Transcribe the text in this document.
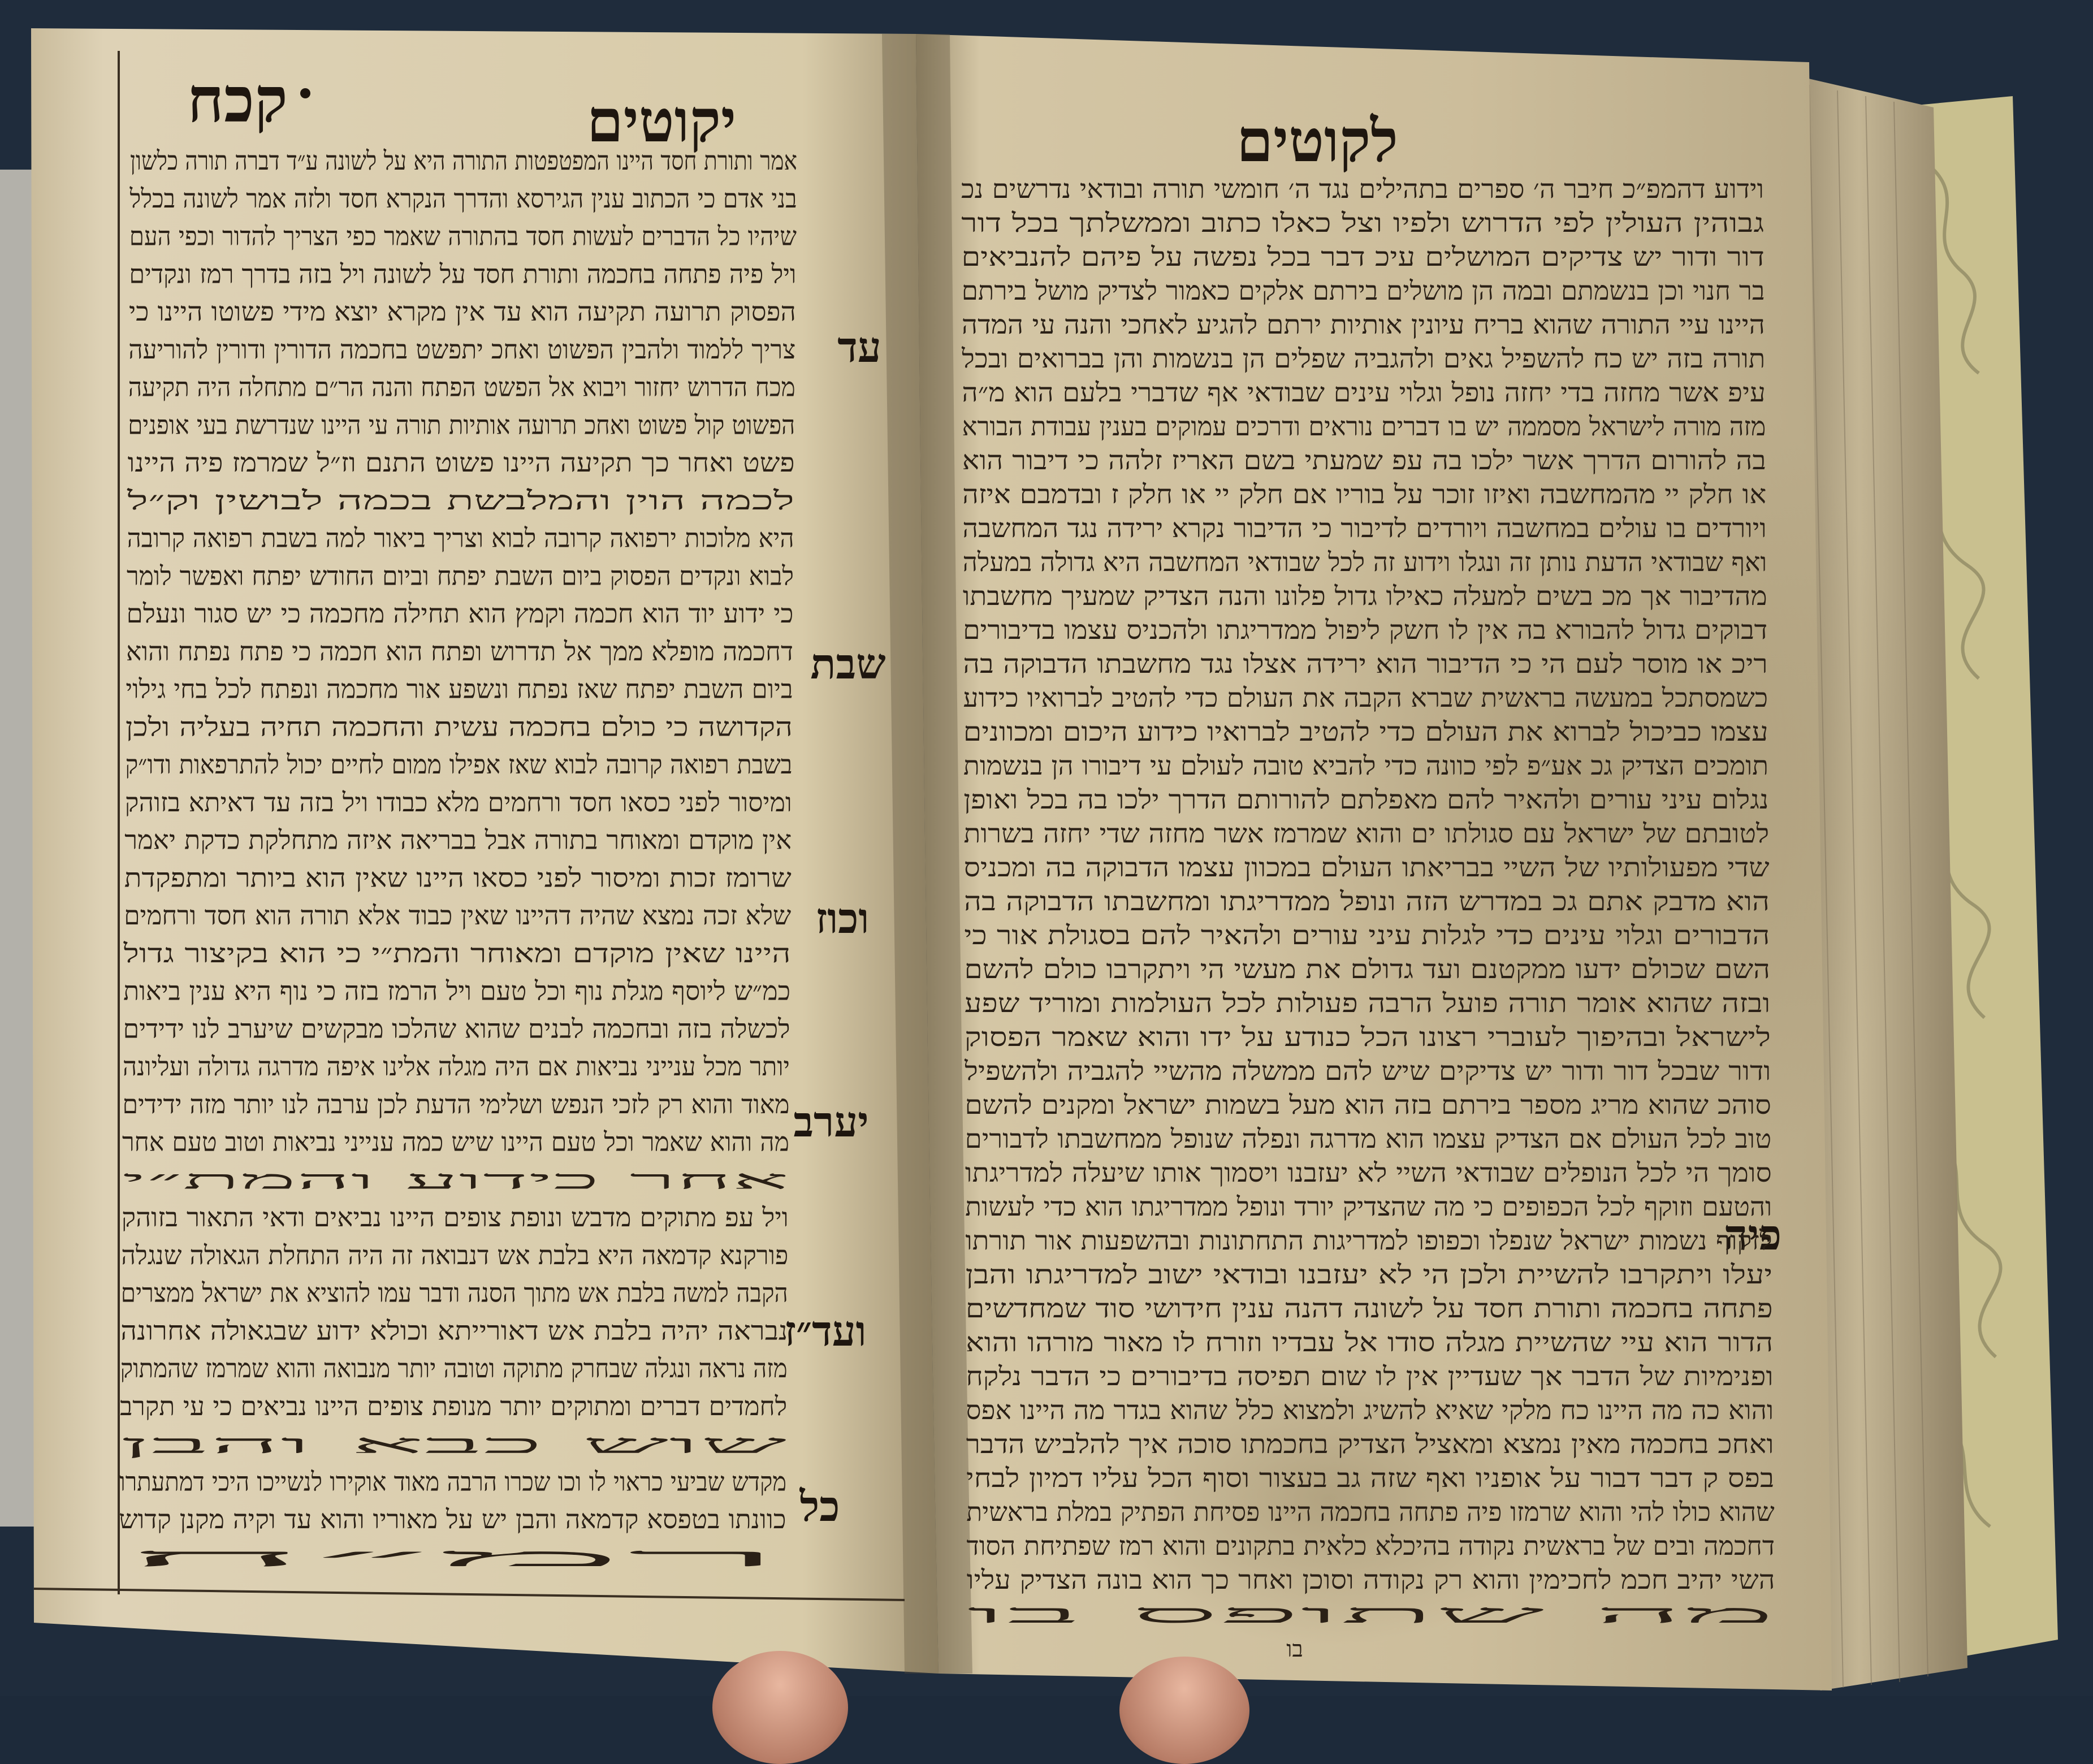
יקוטים
קכח
לקוטים
עד
שבת
וכוז
יערב
ועד״ז
כל
פיה
בו
אמר ותורת חסד היינו המפטפטות התורה היא על לשונה ע״ד דברה תורה כלשון
בני אדם כי הכתוב ענין הגירסא והדרך הנקרא חסד ולזה אמר לשונה בכלל
שיהיו כל הדברים לעשות חסד בהתורה שאמר כפי הצריך להדור וכפי העם
ויל פיה פתחה בחכמה ותורת חסד על לשונה ויל בזה בדרך רמז ונקדים
הפסוק תרועה תקיעה הוא עד אין מקרא יוצא מידי פשוטו היינו כי
צריך ללמוד ולהבין הפשוט ואחכ יתפשט בחכמה הדורין ודורין להוריעה
מכח הדרוש יחזור ויבוא אל הפשט הפתח והנה הר״ם מתחלה היה תקיעה
הפשוט קול פשוט ואחכ תרועה אותיות תורה עי היינו שנדרשת בעי אופנים
פשט ואחר כך תקיעה היינו פשוט התנם וז״ל שמרמז פיה היינו
לכמה הוין והמלבשת בכמה לבושין וק״ל
היא מלוכות ירפואה קרובה לבוא וצריך ביאור למה בשבת רפואה קרובה
לבוא ונקדים הפסוק ביום השבת יפתח וביום החודש יפתח ואפשר לומר
כי ידוע יוד הוא חכמה וקמץ הוא תחילה מחכמה כי יש סגור ונעלם
דחכמה מופלא ממך אל תדרוש ופתח הוא חכמה כי פתח נפתח והוא
ביום השבת יפתח שאז נפתח ונשפע אור מחכמה ונפתח לכל בחי גילוי
הקדושה כי כולם בחכמה עשית והחכמה תחיה בעליה ולכן
בשבת רפואה קרובה לבוא שאז אפילו ממום לחיים יכול להתרפאות ודו״ק
ומיסור לפני כסאו חסד ורחמים מלא כבודו ויל בזה עד דאיתא בזוהק
אין מוקדם ומאוחר בתורה אבל בבריאה איזה מתחלקת כדקת יאמר
שרומז זכות ומיסור לפני כסאו היינו שאין הוא ביותר ומתפקדת
שלא זכה נמצא שהיה דהיינו שאין כבוד אלא תורה הוא חסד ורחמים
היינו שאין מוקדם ומאוחר והמת״י כי הוא בקיצור גדול
כמ״ש ליוסף מגלת נוף וכל טעם ויל הרמז בזה כי נוף היא ענין ביאות
לכשלה בזה ובחכמה לבנים שהוא שהלכו מבקשים שיערב לנו ידידים
יותר מכל ענייני נביאות אם היה מגלה אלינו איפה מדרגה גדולה ועליונה
מאוד והוא רק לזכי הנפש ושלימי הדעת לכן ערבה לנו יותר מזה ידידים
מה והוא שאמר וכל טעם היינו שיש כמה ענייני נביאות וטוב טעם אחר
אחר כידוע והמת״י
ויל עפ מתוקים מדבש ונופת צופים היינו נביאים ודאי התאור בזוהק
פורקנא קדמאה היא בלבת אש דנבואה זה היה התחלת הגאולה שנגלה
הקבה למשה בלבת אש מתוך הסנה ודבר עמו להוציא את ישראל ממצרים
נבראה יהיה בלבת אש דאורייתא וכולא ידוע שבגאולה אחרונה
מזה נראה ונגלה שבחרק מתוקה וטובה יותר מנבואה והוא שמרמז שהמתוק
לחמדים דברים ומתוקים יותר מנופת צופים היינו נביאים כי עי תקרב
שוש כבא והבן
מקדש שביעי כראוי לו וכו שכרו הרבה מאוד אוקירו לנשייכו היכי דמתעתרו
כוונתו בטפסא קדמאה והבן יש על מאוריו והוא עד וקיה מקנן קדוש
רמ״ח
וידוע דהמפ״כ חיבר ה׳ ספרים בתהילים נגד ה׳ חומשי תורה ובודאי נדרשים נכ
גבוהין העולין לפי הדרוש ולפיו וצל כאלו כתוב וממשלתך בכל דור
דור ודור יש צדיקים המושלים עיכ דבר בכל נפשה על פיהם להנביאים
בר חנוי וכן בנשמתם ובמה הן מושלים בירתם אלקים כאמור לצדיק מושל בירתם
היינו עיי התורה שהוא בריח עיונין אותיות ירתם להגיע לאחכי והנה עי המדה
תורה בזה יש כח להשפיל גאים ולהגביה שפלים הן בנשמות והן בברואים ובכל
עיפ אשר מחזה בדי יחזה נופל וגלוי עינים שבודאי אף שדברי בלעם הוא מ״ה
מזה מורה לישראל מסממה יש בו דברים נוראים ודרכים עמוקים בענין עבודת הבורא
בה להורום הדרך אשר ילכו בה עפ שמעתי בשם האריז זלהה כי דיבור הוא
או חלק יי מהמחשבה ואיזו זוכר על בוריו אם חלק יי או חלק ז ובדמבם איזה
ויורדים בו עולים במחשבה ויורדים לדיבור כי הדיבור נקרא ירידה נגד המחשבה
ואף שבודאי הדעת נותן זה ונגלו וידוע זה לכל שבודאי המחשבה היא גדולה במעלה
מהדיבור אך מכ בשים למעלה כאילו גדול פלונו והנה הצדיק שמעיך מחשבתו
דבוקים גדול להבורא בה אין לו חשק ליפול ממדריגתו ולהכניס עצמו בדיבורים
ריכ או מוסר לעם הי כי הדיבור הוא ירידה אצלו נגד מחשבתו הדבוקה בה
כשמסתכל במעשה בראשית שברא הקבה את העולם כדי להטיב לברואיו כידוע
עצמו כביכול לברוא את העולם כדי להטיב לברואיו כידוע היכום ומכוונים
תומכים הצדיק גכ אע״פ לפי כוונה כדי להביא טובה לעולם עי דיבורו הן בנשמות
נגלום עיני עורים ולהאיר להם מאפלתם להורותם הדרך ילכו בה בכל ואופן
לטובתם של ישראל עם סגולתו ים והוא שמרמז אשר מחזה שדי יחזה בשרות
שדי מפעולותיו של השיי בבריאתו העולם במכוון עצמו הדבוקה בה ומכניס
הוא מדבק אתם גכ במדרש הזה ונופל ממדריגתו ומחשבתו הדבוקה בה
הדבורים וגלוי עינים כדי לגלות עיני עורים ולהאיר להם בסגולת אור כי
השם שכולם ידעו ממקטנם ועד גדולם את מעשי הי ויתקרבו כולם להשם
ובזה שהוא אומר תורה פועל הרבה פעולות לכל העולמות ומוריד שפע
לישראל ובהיפוך לעוברי רצונו הכל כנודע על ידו והוא שאמר הפסוק
ודור שבכל דור ודור יש צדיקים שיש להם ממשלה מהשיי להגביה ולהשפיל
סוהכ שהוא מריג מספר בירתם בזה הוא מעל בשמות ישראל ומקנים להשם
טוב לכל העולם אם הצדיק עצמו הוא מדרגה ונפלה שנופל ממחשבתו לדבורים
סומך הי לכל הנופלים שבודאי השיי לא יעזבנו ויסמוך אותו שיעלה למדריגתו
והטעם וזוקף לכל הכפופים כי מה שהצדיק יורד ונופל ממדריגתו הוא כדי לעשות
לזקוף נשמות ישראל שנפלו וכפופו למדריגות התחתונות ובהשפעות אור תורתו
יעלו ויתקרבו להשיית ולכן הי לא יעזבנו ובודאי ישוב למדריגתו והבן
פתחה בחכמה ותורת חסד על לשונה דהנה ענין חידושי סוד שמחדשים
הדור הוא עיי שהשיית מגלה סודו אל עבדיו וזורח לו מאור מורהו והוא
ופנימיות של הדבר אך שעדיין אין לו שום תפיסה בדיבורים כי הדבר נלקח
והוא כה מה היינו כח מלקי שאיא להשיג ולמצוא כלל שהוא בגדר מה היינו אפס
ואחכ בחכמה מאין נמצא ומאציל הצדיק בחכמתו סוכה איך להלביש הדבר
בפס ק דבר דבור על אופניו ואף שזה גב בעצור וסוף הכל עליו דמיון לבחי
שהוא כולו להי והוא שרמזו פיה פתחה בחכמה היינו פסיחת הפתיק במלת בראשית
דחכמה ובים של בראשית נקודה בהיכלא כלאית בתקונים והוא רמז שפתיחת הסוד
השי יהיב חכמ לחכימין והוא רק נקודה וסוכן ואחר כך הוא בונה הצדיק עליו
מה שתופס בו
